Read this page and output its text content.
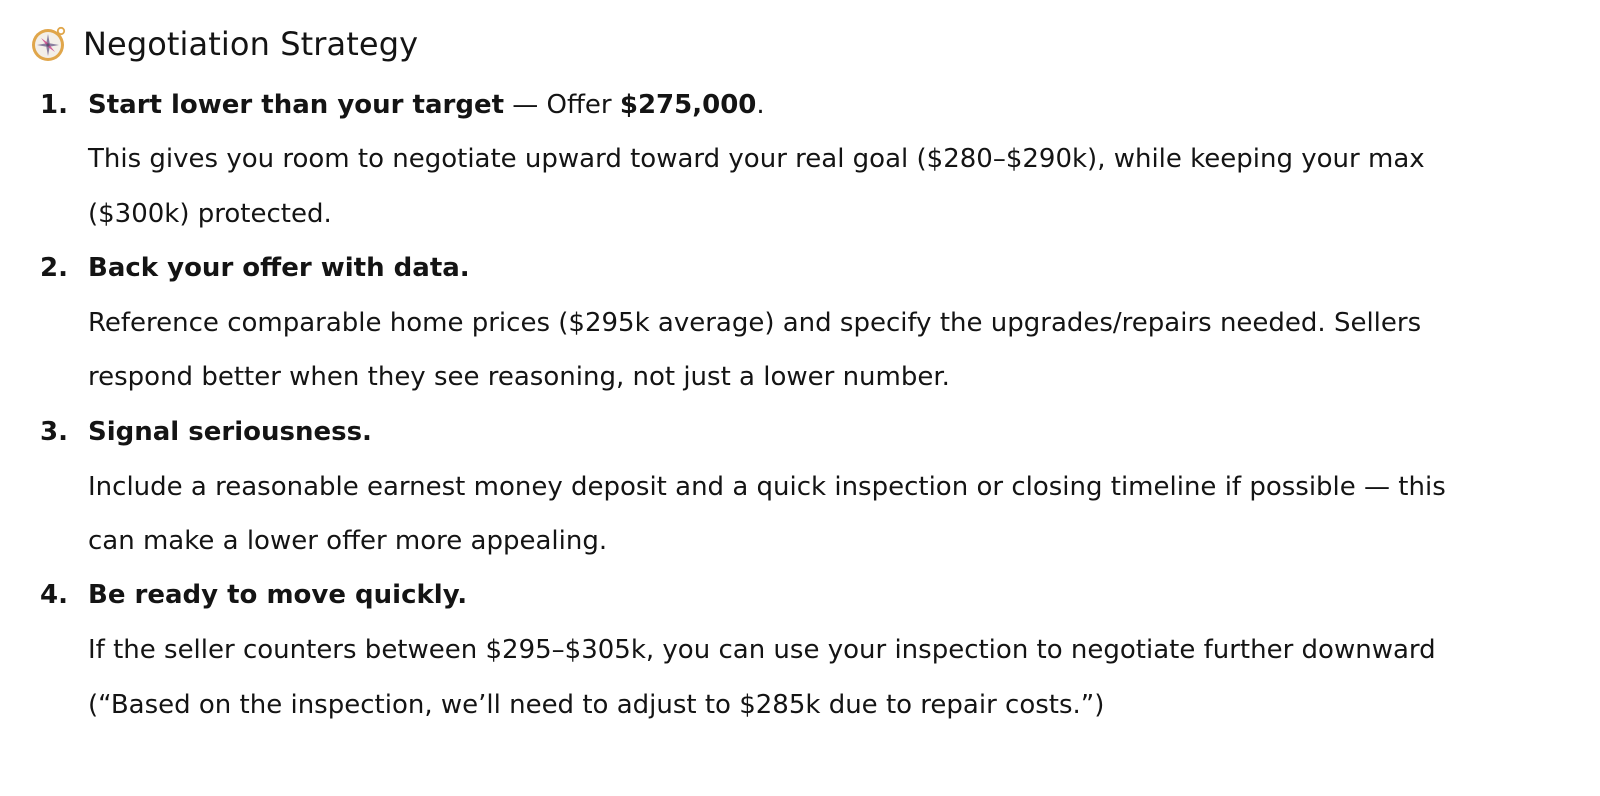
Negotiation Strategy
1. Start lower than your target — Offer $275,000.
This gives you room to negotiate upward toward your real goal ($280–$290k), while keeping your max
($300k) protected.
2. Back your offer with data.
Reference comparable home prices ($295k average) and specify the upgrades/repairs needed. Sellers
respond better when they see reasoning, not just a lower number.
3. Signal seriousness.
Include a reasonable earnest money deposit and a quick inspection or closing timeline if possible — this
can make a lower offer more appealing.
4. Be ready to move quickly.
If the seller counters between $295–$305k, you can use your inspection to negotiate further downward
(“Based on the inspection, we’ll need to adjust to $285k due to repair costs.”)
